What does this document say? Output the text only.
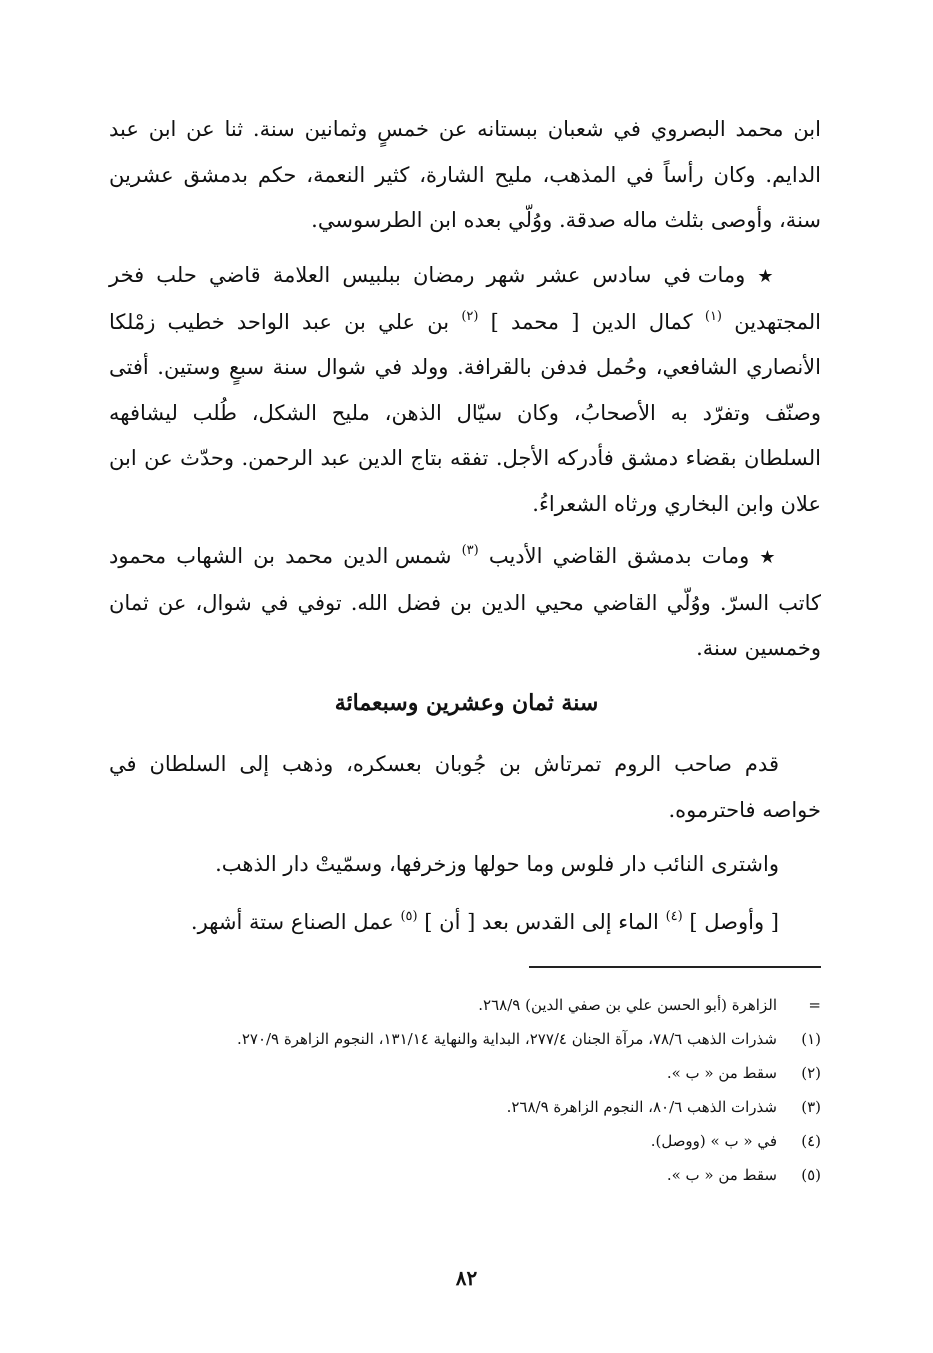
ابن محمد البصروي في شعبان ببستانه عن خمسٍ وثمانين سنة. ثنا عن ابن عبد الدايم. وكان رأساً في المذهب، مليح الشارة، كثير النعمة، حكم بدمشق عشرين سنة، وأوصى بثلث ماله صدقة. ووُلّي بعده ابن الطرسوسي.

★ ومات في سادس عشر شهر رمضان ببلبيس العلامة قاضي حلب فخر المجتهدين $^{(١)}$ كمال الدين [ محمد ] $^{(٢)}$ بن علي بن عبد الواحد خطيب زمْلكا الأنصاري الشافعي، وحُمل فدفن بالقرافة. وولد في شوال سنة سبعٍ وستين. أفتى وصنّف وتفرّد به الأصحابُ، وكان سيّال الذهن، مليح الشكل، طُلب ليشافهه السلطان بقضاء دمشق فأدركه الأجل. تفقه بتاج الدين عبد الرحمن. وحدّث عن ابن علان وابن البخاري ورثاه الشعراءُ.

★ ومات بدمشق القاضي الأديب $^{(٣)}$ شمس الدين محمد بن الشهاب محمود كاتب السرّ. ووُلّي القاضي محيي الدين بن فضل الله. توفي في شوال، عن ثمان وخمسين سنة.

سنة ثمان وعشرين وسبعمائة

قدم صاحب الروم تمرتاش بن جُوبان بعسكره، وذهب إلى السلطان في خواصه فاحترموه.

واشترى النائب دار فلوس وما حولها وزخرفها، وسمّيتْ دار الذهب.

[ وأوصل ] $^{(٤)}$ الماء إلى القدس بعد [ أن ] $^{(٥)}$ عمل الصناع ستة أشهر.

=
الزاهرة (أبو الحسن علي بن صفي الدين) ٢٦٨/٩.
(١)
شذرات الذهب ٧٨/٦، مرآة الجنان ٢٧٧/٤، البداية والنهاية ١٣١/١٤، النجوم الزاهرة ٢٧٠/٩.
(٢)
سقط من « ب ».
(٣)
شذرات الذهب ٨٠/٦، النجوم الزاهرة ٢٦٨/٩.
(٤)
في « ب » (ووصل).
(٥)
سقط من « ب ».
٨٢
